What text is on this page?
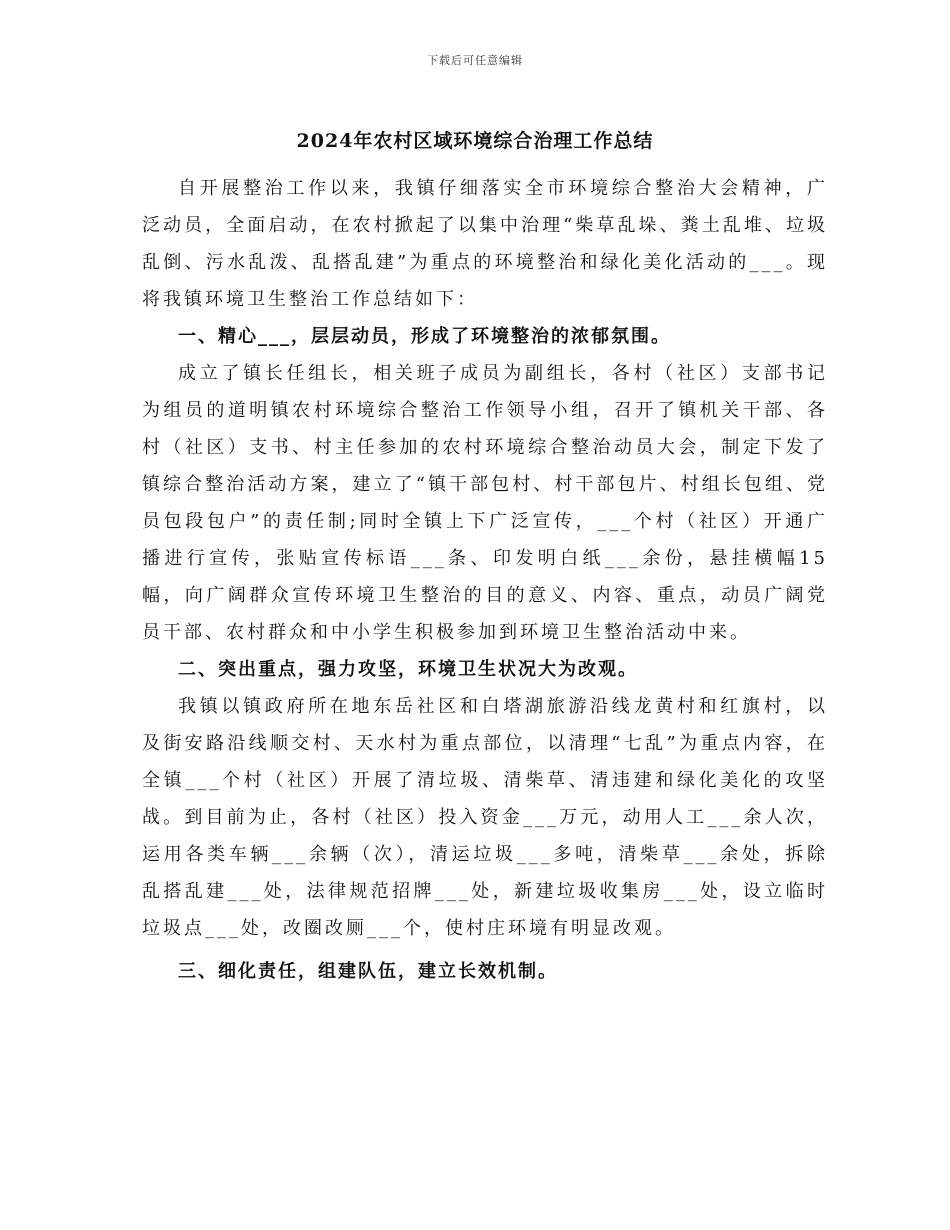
下载后可任意编辑
2024年农村区域环境综合治理工作总结

自开展整治工作以来，我镇仔细落实全市环境综合整治大会精神，广泛动员，全面启动，在农村掀起了以集中治理“柴草乱垛、粪土乱堆、垃圾乱倒、污水乱泼、乱搭乱建”为重点的环境整治和绿化美化活动的___。现将我镇环境卫生整治工作总结如下：

一、精心___，层层动员，形成了环境整治的浓郁氛围。

成立了镇长任组长，相关班子成员为副组长，各村（社区）支部书记为组员的道明镇农村环境综合整治工作领导小组，召开了镇机关干部、各村（社区）支书、村主任参加的农村环境综合整治动员大会，制定下发了镇综合整治活动方案，建立了“镇干部包村、村干部包片、村组长包组、党员包段包户”的责任制;同时全镇上下广泛宣传，___个村（社区）开通广播进行宣传，张贴宣传标语___条、印发明白纸___余份，悬挂横幅15幅，向广阔群众宣传环境卫生整治的目的意义、内容、重点，动员广阔党员干部、农村群众和中小学生积极参加到环境卫生整治活动中来。

二、突出重点，强力攻坚，环境卫生状况大为改观。

我镇以镇政府所在地东岳社区和白塔湖旅游沿线龙黄村和红旗村，以及街安路沿线顺交村、天水村为重点部位，以清理“七乱”为重点内容，在全镇___个村（社区）开展了清垃圾、清柴草、清违建和绿化美化的攻坚战。到目前为止，各村（社区）投入资金___万元，动用人工___余人次，运用各类车辆___余辆（次），清运垃圾___多吨，清柴草___余处，拆除乱搭乱建___处，法律规范招牌___处，新建垃圾收集房___处，设立临时垃圾点___处，改圈改厕___个，使村庄环境有明显改观。

三、细化责任，组建队伍，建立长效机制。
